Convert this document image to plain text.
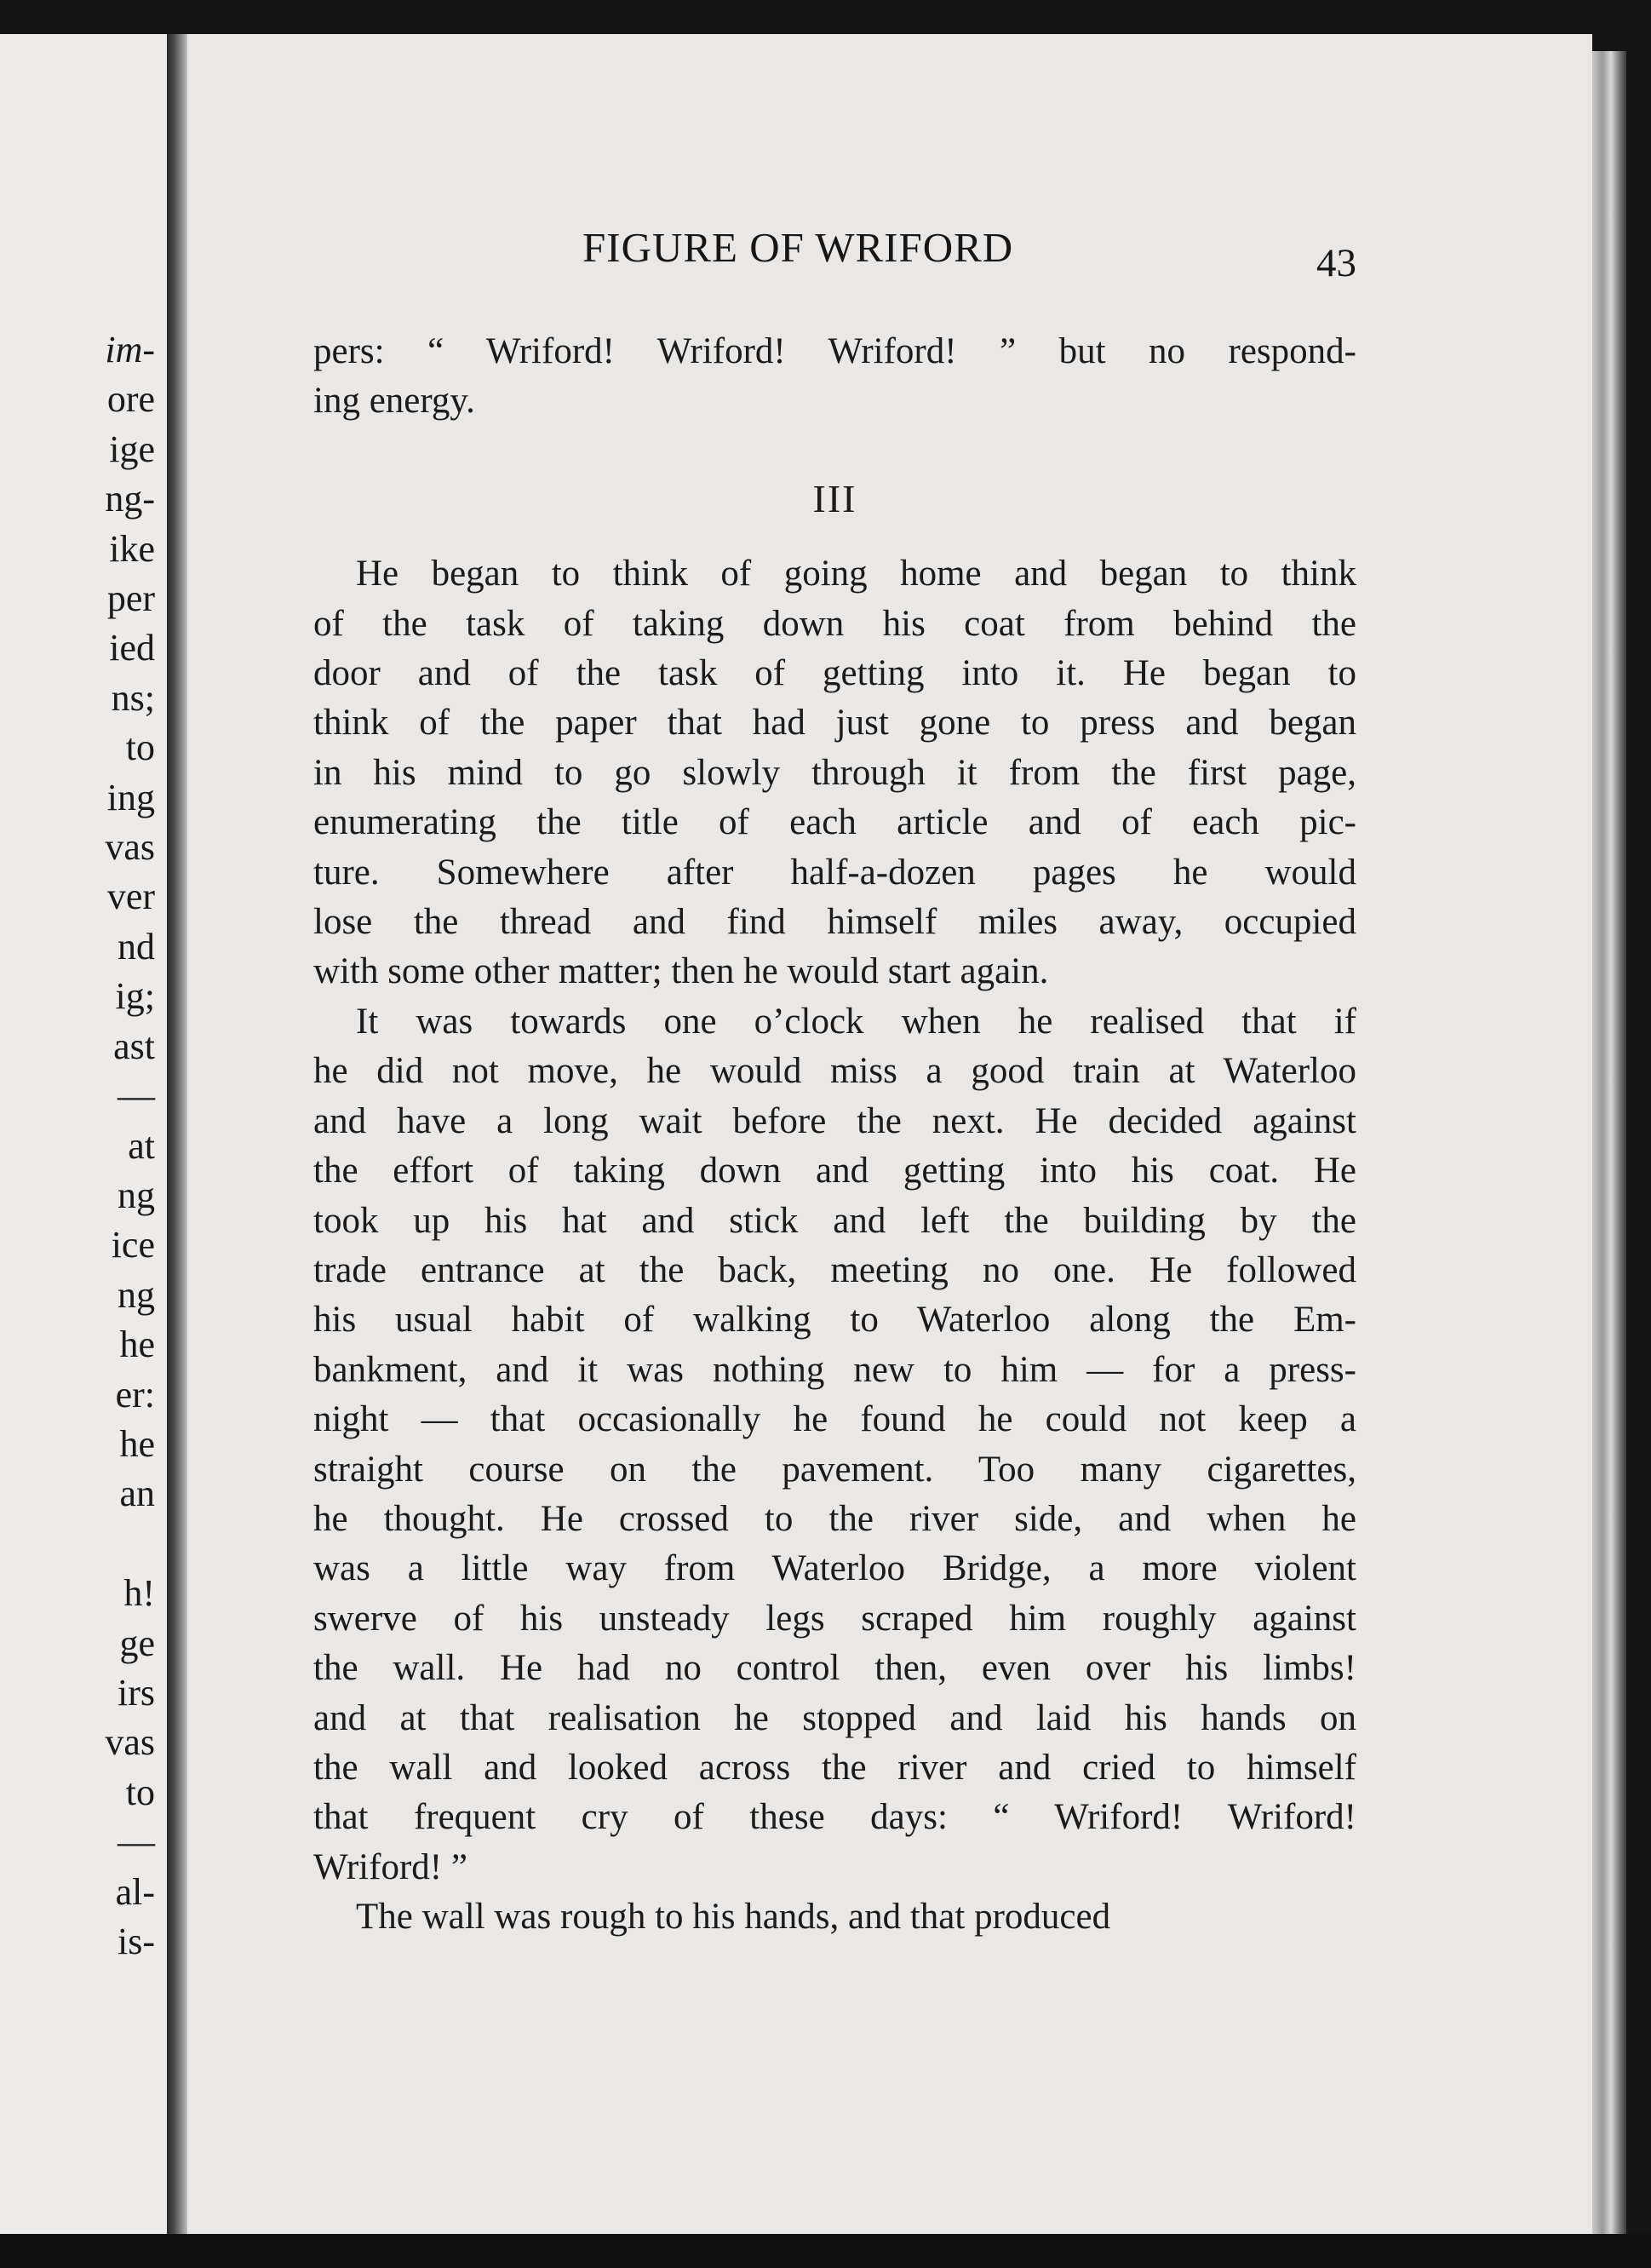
im-
ore
ige
ng-
ike
per
ied
ns;
to
ing
vas
ver
nd
ig;
ast
—
at
ng
ice
ng
he
er:
he
an

h!
ge
irs
vas
to
—
al-
is-
FIGURE OF WRIFORD	43

pers: “ Wriford! Wriford! Wriford! ” but no respond-
ing energy.

III

He began to think of going home and began to think
of the task of taking down his coat from behind the
door and of the task of getting into it. He began to
think of the paper that had just gone to press and began
in his mind to go slowly through it from the first page,
enumerating the title of each article and of each pic-
ture. Somewhere after half-a-dozen pages he would
lose the thread and find himself miles away, occupied
with some other matter; then he would start again.

It was towards one o’clock when he realised that if
he did not move, he would miss a good train at Waterloo
and have a long wait before the next. He decided against
the effort of taking down and getting into his coat. He
took up his hat and stick and left the building by the
trade entrance at the back, meeting no one. He followed
his usual habit of walking to Waterloo along the Em-
bankment, and it was nothing new to him — for a press-
night — that occasionally he found he could not keep a
straight course on the pavement. Too many cigarettes,
he thought. He crossed to the river side, and when he
was a little way from Waterloo Bridge, a more violent
swerve of his unsteady legs scraped him roughly against
the wall. He had no control then, even over his limbs!
and at that realisation he stopped and laid his hands on
the wall and looked across the river and cried to himself
that frequent cry of these days: “ Wriford! Wriford!
Wriford! ”

The wall was rough to his hands, and that produced
